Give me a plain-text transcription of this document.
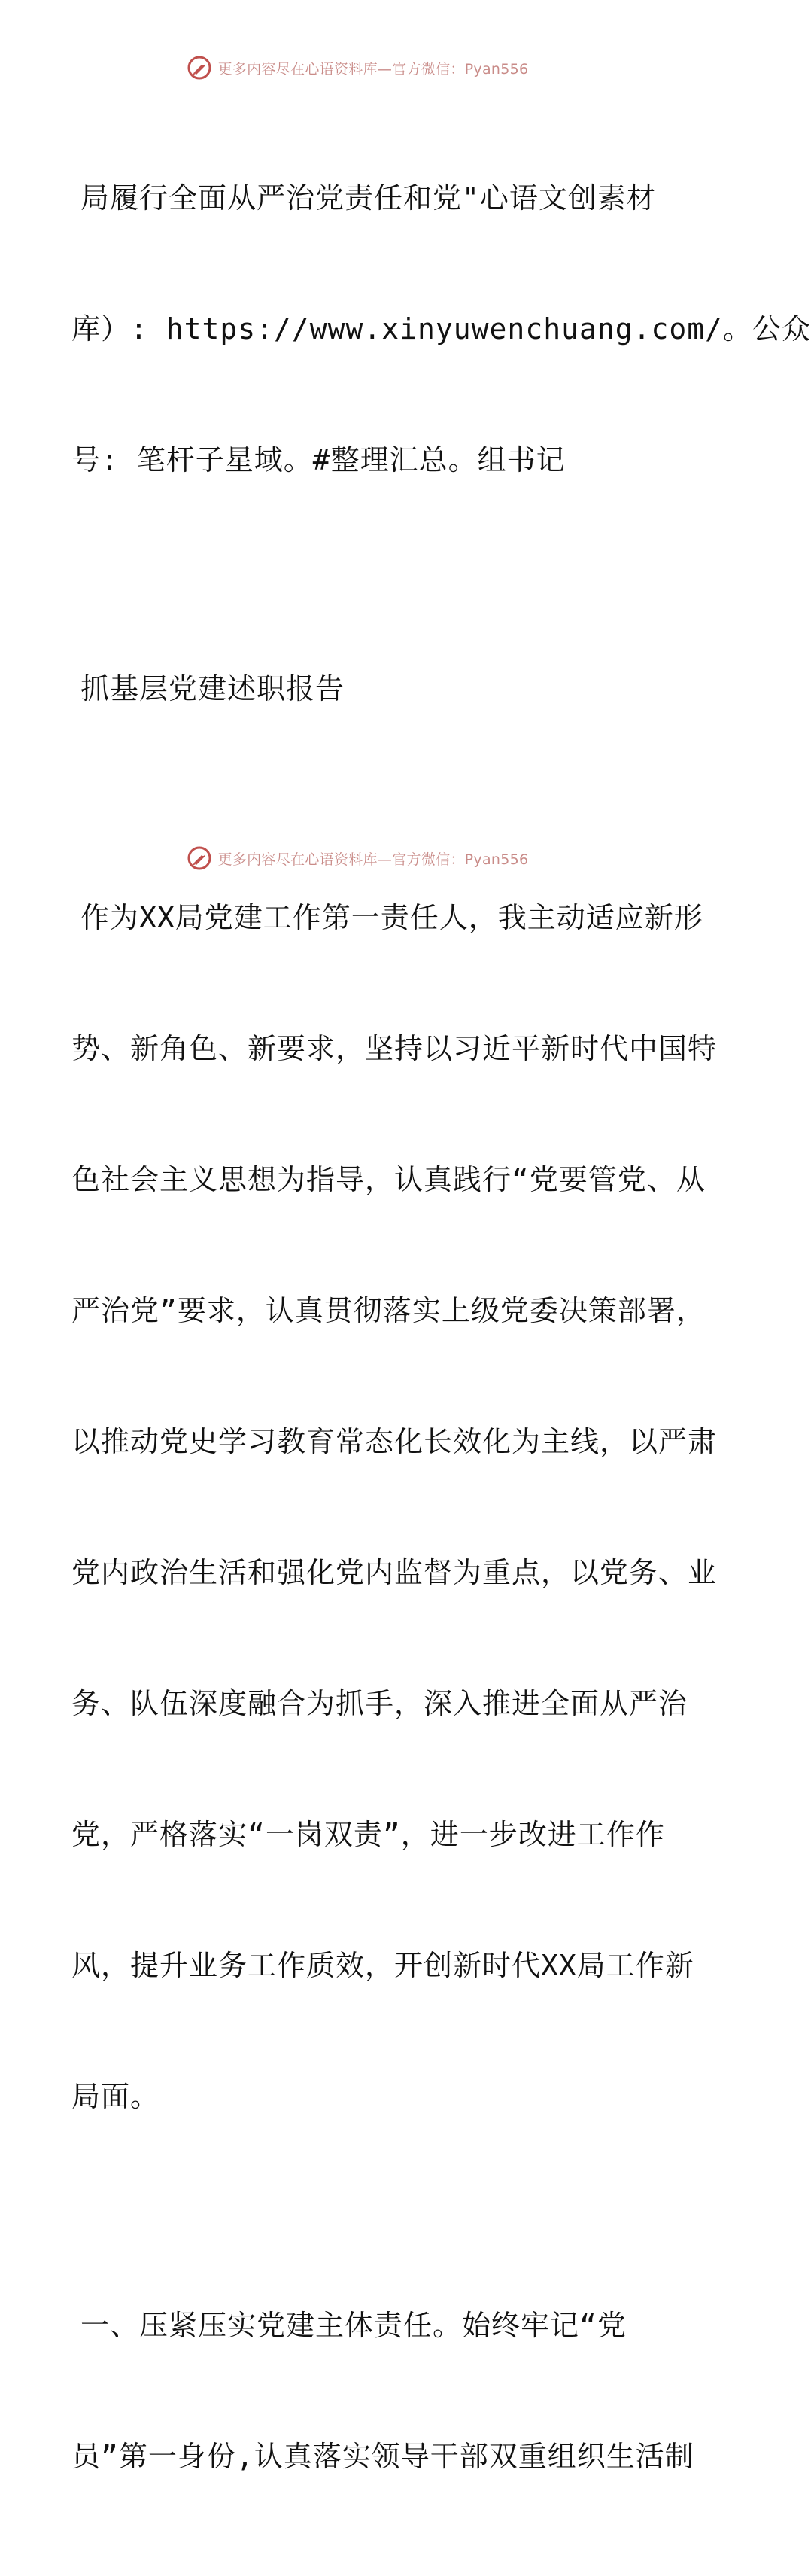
更多内容尽在心语资料库—官方微信：Pyan556

局履行全面从严治党责任和党"心语文创素材

库）: https://www.xinyuwenchuang.com/。公众

号: 笔杆子星域。#整理汇总。组书记

抓基层党建述职报告

作为XX局党建工作第一责任人，我主动适应新形

势、新角色、新要求，坚持以习近平新时代中国特

色社会主义思想为指导，认真践行“党要管党、从

严治党”要求，认真贯彻落实上级党委决策部署，

以推动党史学习教育常态化长效化为主线，以严肃

党内政治生活和强化党内监督为重点，以党务、业

务、队伍深度融合为抓手，深入推进全面从严治

党，严格落实“一岗双责”，进一步改进工作作

风，提升业务工作质效，开创新时代XX局工作新

局面。

一、压紧压实党建主体责任。始终牢记“党

员”第一身份,认真落实领导干部双重组织生活制

更多内容尽在心语资料库—官方微信：Pyan556
